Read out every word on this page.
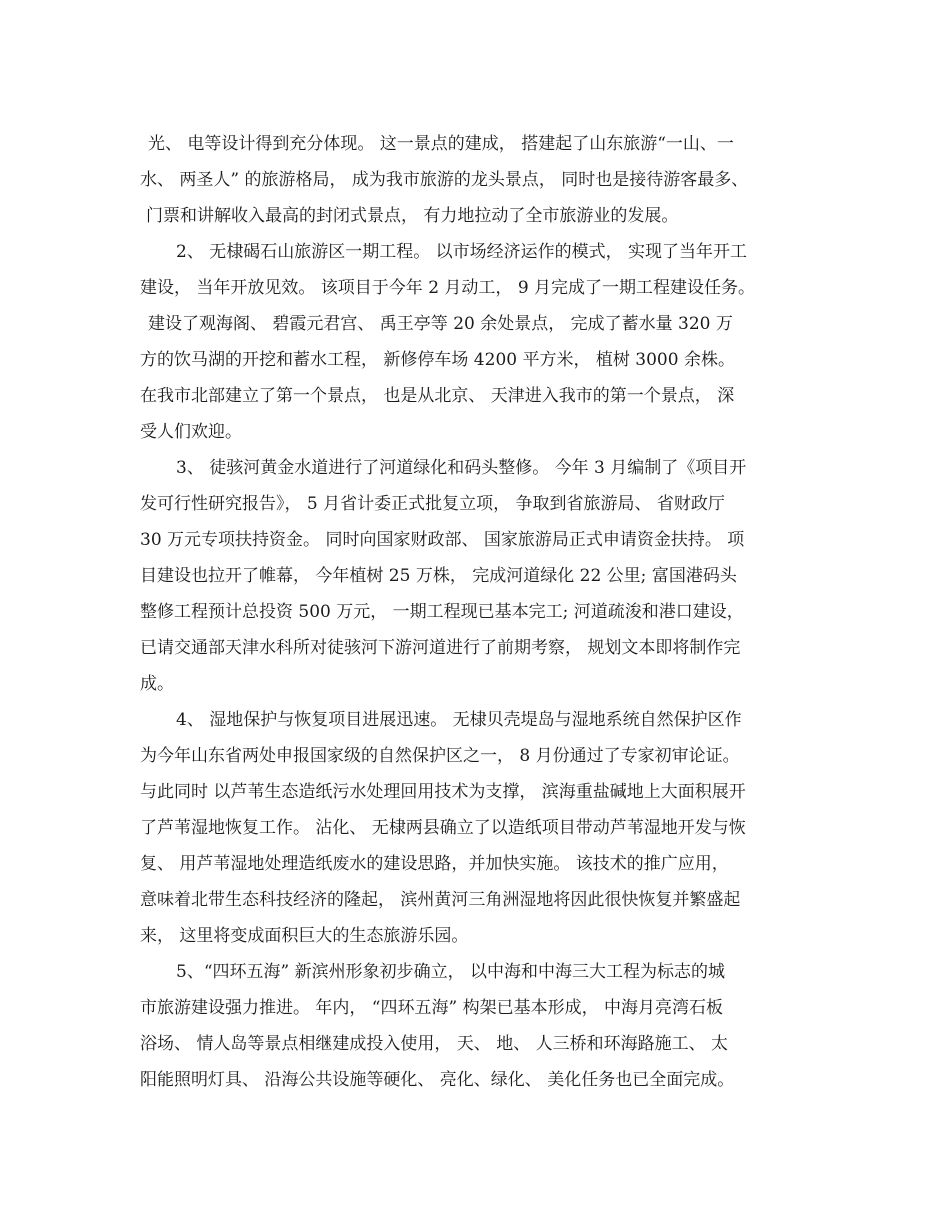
光、 电等设计得到充分体现。 这一景点的建成， 搭建起了山东旅游“一山、一
水、 两圣人” 的旅游格局， 成为我市旅游的龙头景点， 同时也是接待游客最多、
门票和讲解收入最高的封闭式景点， 有力地拉动了全市旅游业的发展。
2、 无棣碣石山旅游区一期工程。 以市场经济运作的模式， 实现了当年开工
建设， 当年开放见效。 该项目于今年 2 月动工， 9 月完成了一期工程建设任务。
建设了观海阁、 碧霞元君宫、 禹王亭等 20 余处景点， 完成了蓄水量 320 万
方的饮马湖的开挖和蓄水工程， 新修停车场 4200 平方米， 植树 3000 余株。
在我市北部建立了第一个景点， 也是从北京、 天津进入我市的第一个景点， 深
受人们欢迎。
3、 徒骇河黄金水道进行了河道绿化和码头整修。 今年 3 月编制了《项目开
发可行性研究报告》， 5 月省计委正式批复立项， 争取到省旅游局、 省财政厅
30 万元专项扶持资金。 同时向国家财政部、 国家旅游局正式申请资金扶持。 项
目建设也拉开了帷幕， 今年植树 25 万株， 完成河道绿化 22 公里; 富国港码头
整修工程预计总投资 500 万元， 一期工程现已基本完工; 河道疏浚和港口建设，
已请交通部天津水科所对徒骇河下游河道进行了前期考察， 规划文本即将制作完
成。
4、 湿地保护与恢复项目进展迅速。 无棣贝壳堤岛与湿地系统自然保护区作
为今年山东省两处申报国家级的自然保护区之一， 8 月份通过了专家初审论证。
与此同时 以芦苇生态造纸污水处理回用技术为支撑， 滨海重盐碱地上大面积展开
了芦苇湿地恢复工作。 沾化、 无棣两县确立了以造纸项目带动芦苇湿地开发与恢
复、 用芦苇湿地处理造纸废水的建设思路，并加快实施。 该技术的推广应用，
意味着北带生态科技经济的隆起， 滨州黄河三角洲湿地将因此很快恢复并繁盛起
来， 这里将变成面积巨大的生态旅游乐园。
5、“四环五海” 新滨州形象初步确立， 以中海和中海三大工程为标志的城
市旅游建设强力推进。 年内， “四环五海” 构架已基本形成， 中海月亮湾石板
浴场、 情人岛等景点相继建成投入使用， 天、 地、 人三桥和环海路施工、 太
阳能照明灯具、 沿海公共设施等硬化、 亮化、绿化、 美化任务也已全面完成。
